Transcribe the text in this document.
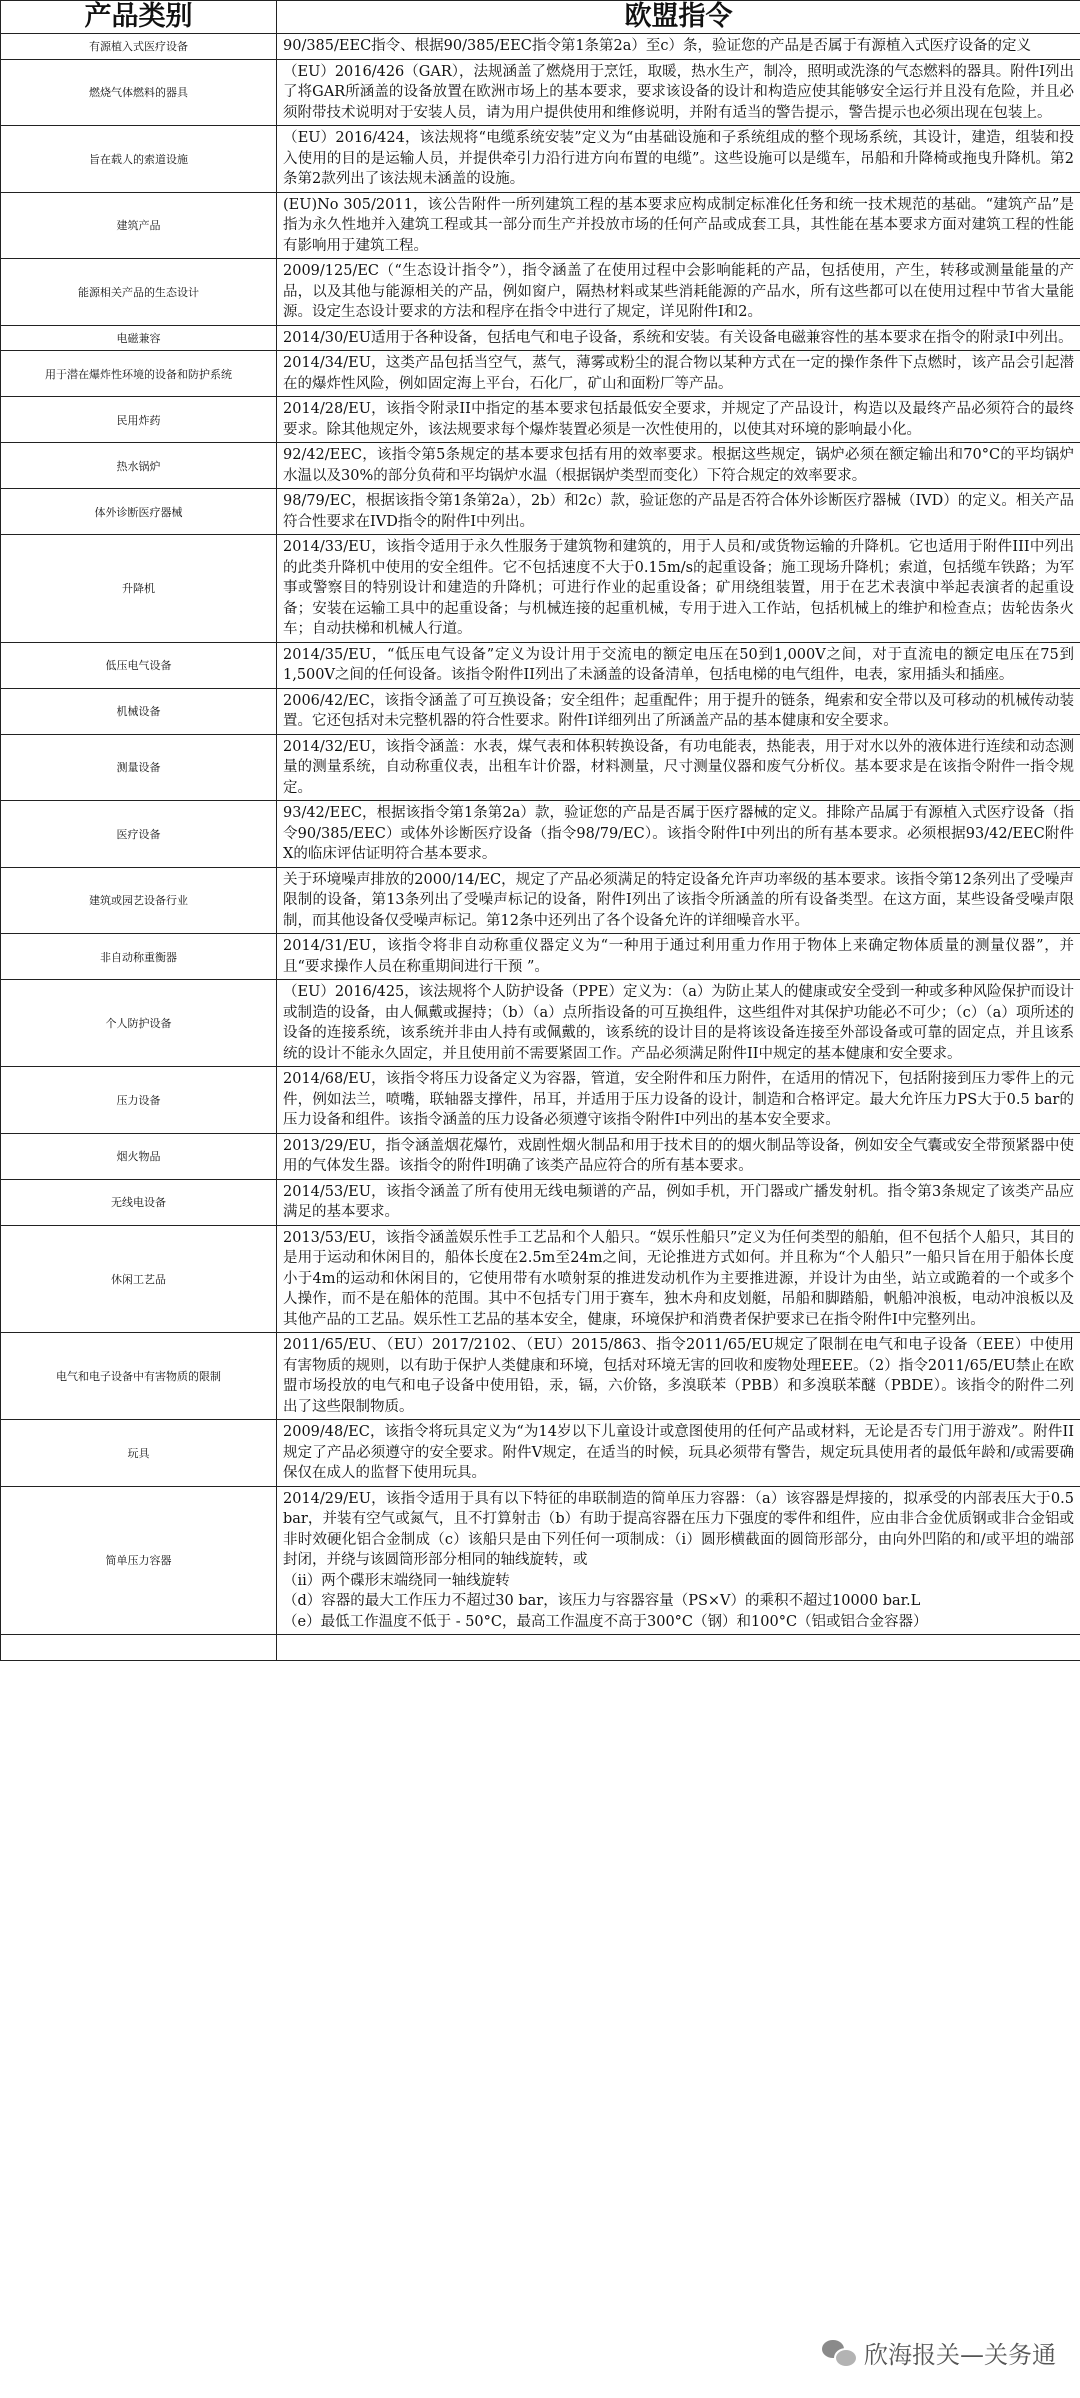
产品类别	欧盟指令

有源植入式医疗设备	90/385/EEC指令、根据90/385/EEC指令第1条第2a）至c）条，验证您的产品是否属于有源植入式医疗设备的定义

燃烧气体燃料的器具	（EU）2016/426（GAR），法规涵盖了燃烧用于烹饪，取暖，热水生产，制冷，照明或洗涤的气态燃料的器具。附件I列出了将GAR所涵盖的设备放置在欧洲市场上的基本要求，要求该设备的设计和构造应使其能够安全运行并且没有危险，并且必须附带技术说明对于安装人员，请为用户提供使用和维修说明，并附有适当的警告提示，警告提示也必须出现在包装上。

旨在载人的索道设施	（EU）2016/424，该法规将“电缆系统安装”定义为“由基础设施和子系统组成的整个现场系统，其设计，建造，组装和投入使用的目的是运输人员，并提供牵引力沿行进方向布置的电缆”。这些设施可以是缆车，吊船和升降椅或拖曳升降机。第2条第2款列出了该法规未涵盖的设施。

建筑产品	(EU)No 305/2011，该公告附件一所列建筑工程的基本要求应构成制定标准化任务和统一技术规范的基础。“建筑产品”是指为永久性地并入建筑工程或其一部分而生产并投放市场的任何产品或成套工具，其性能在基本要求方面对建筑工程的性能有影响用于建筑工程。

能源相关产品的生态设计	2009/125/EC（“生态设计指令”），指令涵盖了在使用过程中会影响能耗的产品，包括使用，产生，转移或测量能量的产品，以及其他与能源相关的产品，例如窗户，隔热材料或某些消耗能源的产品水，所有这些都可以在使用过程中节省大量能源。设定生态设计要求的方法和程序在指令中进行了规定，详见附件I和2。

电磁兼容	2014/30/EU适用于各种设备，包括电气和电子设备，系统和安装。有关设备电磁兼容性的基本要求在指令的附录I中列出。

用于潜在爆炸性环境的设备和防护系统	2014/34/EU，这类产品包括当空气，蒸气，薄雾或粉尘的混合物以某种方式在一定的操作条件下点燃时，该产品会引起潜在的爆炸性风险，例如固定海上平台，石化厂，矿山和面粉厂等产品。

民用炸药	2014/28/EU，该指令附录II中指定的基本要求包括最低安全要求，并规定了产品设计，构造以及最终产品必须符合的最终要求。除其他规定外，该法规要求每个爆炸装置必须是一次性使用的，以使其对环境的影响最小化。

热水锅炉	92/42/EEC，该指令第5条规定的基本要求包括有用的效率要求。根据这些规定，锅炉必须在额定输出和70°C的平均锅炉水温以及30%的部分负荷和平均锅炉水温（根据锅炉类型而变化）下符合规定的效率要求。

体外诊断医疗器械	98/79/EC，根据该指令第1条第2a），2b）和2c）款，验证您的产品是否符合体外诊断医疗器械（IVD）的定义。相关产品符合性要求在IVD指令的附件I中列出。

升降机	2014/33/EU，该指令适用于永久性服务于建筑物和建筑的，用于人员和/或货物运输的升降机。它也适用于附件III中列出的此类升降机中使用的安全组件。它不包括速度不大于0.15m/s的起重设备；施工现场升降机；索道，包括缆车铁路；为军事或警察目的特别设计和建造的升降机；可进行作业的起重设备；矿用绕组装置，用于在艺术表演中举起表演者的起重设备；安装在运输工具中的起重设备；与机械连接的起重机械，专用于进入工作站，包括机械上的维护和检查点；齿轮齿条火车；自动扶梯和机械人行道。

低压电气设备	2014/35/EU，“低压电气设备”定义为设计用于交流电的额定电压在50到1,000V之间，对于直流电的额定电压在75到1,500V之间的任何设备。该指令附件II列出了未涵盖的设备清单，包括电梯的电气组件，电表，家用插头和插座。

机械设备	2006/42/EC，该指令涵盖了可互换设备；安全组件；起重配件；用于提升的链条，绳索和安全带以及可移动的机械传动装置。它还包括对未完整机器的符合性要求。附件I详细列出了所涵盖产品的基本健康和安全要求。

测量设备	2014/32/EU，该指令涵盖：水表，煤气表和体积转换设备，有功电能表，热能表，用于对水以外的液体进行连续和动态测量的测量系统，自动称重仪表，出租车计价器，材料测量，尺寸测量仪器和废气分析仪。基本要求是在该指令附件一指令规定。

医疗设备	93/42/EEC，根据该指令第1条第2a）款，验证您的产品是否属于医疗器械的定义。排除产品属于有源植入式医疗设备（指令90/385/EEC）或体外诊断医疗设备（指令98/79/EC）。该指令附件I中列出的所有基本要求。必须根据93/42/EEC附件X的临床评估证明符合基本要求。

建筑或园艺设备行业	关于环境噪声排放的2000/14/EC，规定了产品必须满足的特定设备允许声功率级的基本要求。该指令第12条列出了受噪声限制的设备，第13条列出了受噪声标记的设备，附件I列出了该指令所涵盖的所有设备类型。在这方面，某些设备受噪声限制，而其他设备仅受噪声标记。第12条中还列出了各个设备允许的详细噪音水平。

非自动称重衡器	2014/31/EU，该指令将非自动称重仪器定义为“一种用于通过利用重力作用于物体上来确定物体质量的测量仪器”，并且“要求操作人员在称重期间进行干预 ”。

个人防护设备	（EU）2016/425，该法规将个人防护设备（PPE）定义为：（a）为防止某人的健康或安全受到一种或多种风险保护而设计或制造的设备，由人佩戴或握持；（b）（a）点所指设备的可互换组件，这些组件对其保护功能必不可少；（c）（a）项所述的设备的连接系统，该系统并非由人持有或佩戴的，该系统的设计目的是将该设备连接至外部设备或可靠的固定点，并且该系统的设计不能永久固定，并且使用前不需要紧固工作。产品必须满足附件II中规定的基本健康和安全要求。

压力设备	2014/68/EU，该指令将压力设备定义为容器，管道，安全附件和压力附件，在适用的情况下，包括附接到压力零件上的元件，例如法兰，喷嘴，联轴器支撑件，吊耳，并适用于压力设备的设计，制造和合格评定。最大允许压力PS大于0.5 bar的压力设备和组件。该指令涵盖的压力设备必须遵守该指令附件I中列出的基本安全要求。

烟火物品	2013/29/EU，指令涵盖烟花爆竹，戏剧性烟火制品和用于技术目的的烟火制品等设备，例如安全气囊或安全带预紧器中使用的气体发生器。该指令的附件I明确了该类产品应符合的所有基本要求。

无线电设备	2014/53/EU，该指令涵盖了所有使用无线电频谱的产品，例如手机，开门器或广播发射机。指令第3条规定了该类产品应满足的基本要求。

休闲工艺品	2013/53/EU，该指令涵盖娱乐性手工艺品和个人船只。“娱乐性船只”定义为任何类型的船舶，但不包括个人船只，其目的是用于运动和休闲目的，船体长度在2.5m至24m之间，无论推进方式如何。并且称为“个人船只”一船只旨在用于船体长度小于4m的运动和休闲目的，它使用带有水喷射泵的推进发动机作为主要推进源，并设计为由坐，站立或跪着的一个或多个人操作，而不是在船体的范围。其中不包括专门用于赛车，独木舟和皮划艇，吊船和脚踏船，帆船冲浪板，电动冲浪板以及其他产品的工艺品。娱乐性工艺品的基本安全，健康，环境保护和消费者保护要求已在指令附件I中完整列出。

电气和电子设备中有害物质的限制	2011/65/EU、（EU）2017/2102、（EU）2015/863、指令2011/65/EU规定了限制在电气和电子设备（EEE）中使用有害物质的规则，以有助于保护人类健康和环境，包括对环境无害的回收和废物处理EEE。（2）指令2011/65/EU禁止在欧盟市场投放的电气和电子设备中使用铅，汞，镉，六价铬，多溴联苯（PBB）和多溴联苯醚（PBDE）。该指令的附件二列出了这些限制物质。

玩具	2009/48/EC，该指令将玩具定义为“为14岁以下儿童设计或意图使用的任何产品或材料，无论是否专门用于游戏”。附件II规定了产品必须遵守的安全要求。附件V规定，在适当的时候，玩具必须带有警告，规定玩具使用者的最低年龄和/或需要确保仅在成人的监督下使用玩具。

简单压力容器	2014/29/EU，该指令适用于具有以下特征的串联制造的简单压力容器：（a）该容器是焊接的，拟承受的内部表压大于0.5 bar，并装有空气或氮气，且不打算射击（b）有助于提高容器在压力下强度的零件和组件，应由非合金优质钢或非合金铝或非时效硬化铝合金制成（c）该船只是由下列任何一项制成：（i）圆形横截面的圆筒形部分，由向外凹陷的和/或平坦的端部封闭，并绕与该圆筒形部分相同的轴线旋转，或
（ii）两个碟形末端绕同一轴线旋转
（d）容器的最大工作压力不超过30 bar，该压力与容器容量（PS×V）的乘积不超过10000 bar.L
（e）最低工作温度不低于 - 50°C，最高工作温度不高于300°C（钢）和100°C（铝或铝合金容器）

欣海报关—关务通
